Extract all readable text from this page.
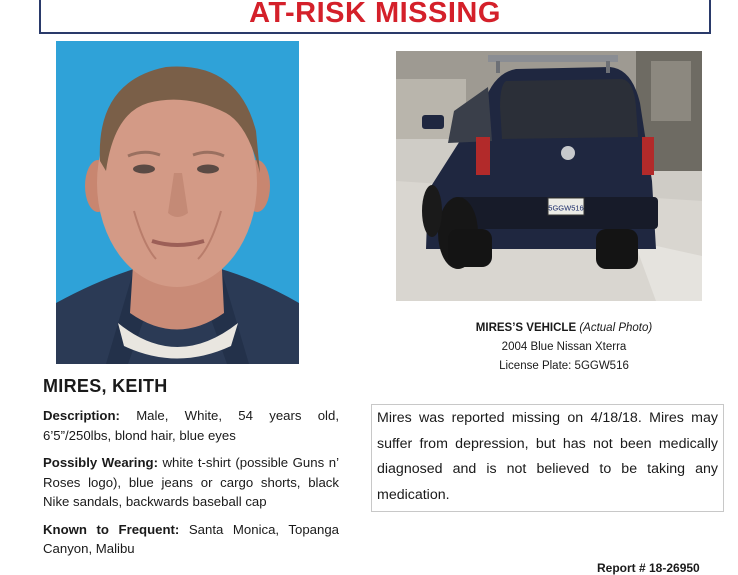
AT-RISK MISSING
5GGW516
MIRES’S VEHICLE (Actual Photo)
2004 Blue Nissan Xterra
License Plate: 5GGW516
MIRES, KEITH

Description: Male, White, 54 years old, 6’5”/250lbs, blond hair, blue eyes

Possibly Wearing: white t-shirt (possible Guns n’ Roses logo), blue jeans or cargo shorts, black Nike sandals, backwards baseball cap

Known to Frequent: Santa Monica, Topanga Canyon, Malibu

Mires was reported missing on 4/18/18. Mires may suffer from depression, but has not been medically diagnosed and is not believed to be taking any medication.
Report # 18-26950
